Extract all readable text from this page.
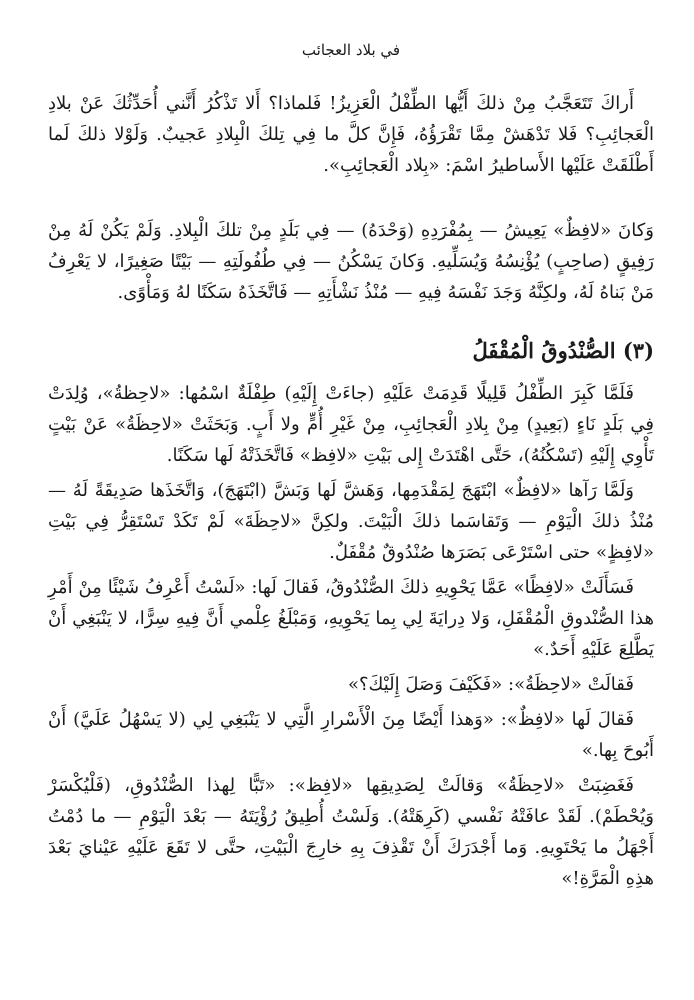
في بلاد العجائب

أَراكَ تَتَعَجَّبُ مِنْ ذلكَ أَيُّها الطِّفْلُ الْعَزِيزُ! فَلماذا؟ أَلا تَذْكُرُ أَنَّني أُحَدِّثُكَ عَنْ بلادِ الْعَجائِبِ؟ فَلا تَدْهَشْ مِمَّا تَقْرَؤُهُ، فَإِنَّ كلَّ ما فِي تِلكَ الْبِلادِ عَجيبٌ. وَلَوْلا ذلكَ لَما أَطْلَقَتْ عَلَيْها الأَساطيرُ اسْمَ: «بِلاد الْعَجائِبِ».

وَكانَ «لافِظٌ» يَعِيشُ — بِمُفْرَدِهِ (وَحْدَهُ) — فِي بَلَدٍ مِنْ تلكَ الْبِلادِ. وَلَمْ يَكُنْ لَهُ مِنْ رَفِيقٍ (صاحِبٍ) يُؤْنِسُهُ وَيُسَلِّيهِ. وَكانَ يَسْكُنُ — فِي طُفُولَتِهِ — بَيْتًا صَغِيرًا، لا يَعْرِفُ مَنْ بَناهُ لَهُ، ولكِنَّهُ وَجَدَ نَفْسَهُ فِيهِ — مُنْذُ نَشْأَتِهِ — فَاتَّخَذَهُ سَكَنًا لهُ وَمَأْوًى.

(٣) الصُّنْدُوقُ الْمُقْفَلُ

فَلَمَّا كَبِرَ الطِّفْلُ قَلِيلًا قَدِمَتْ عَلَيْهِ (جاءَتْ إِلَيْهِ) طِفْلَةٌ اسْمُها: «لاحِظةُ»، وُلِدَتْ فِي بَلَدٍ نَاءٍ (بَعِيدٍ) مِنْ بِلادِ الْعَجائِبِ، مِنْ غَيْرِ أُمٍّ ولا أَبٍ. وَبَحَثَتْ «لاحِظَةُ» عَنْ بَيْتٍ تَأْوِي إِلَيْهِ (تَسْكُنُهُ)، حَتَّى اهْتَدَتْ إِلى بَيْتِ «لافِظ» فَاتَّخَذَتْهُ لَها سَكَنًا.

وَلَمَّا رَآها «لافِظٌ» ابْتَهَجَ لِمَقْدَمِها، وَهَشَّ لَها وَبَشَّ (ابْتَهَجَ)، وَاتَّخَذَها صَدِيقَةً لَهُ — مُنْذُ ذلكَ الْيَوْمِ — وَتَقاسَما ذلكَ الْبَيْتَ. ولكِنَّ «لاحِظَةَ» لَمْ تَكَدْ تَسْتَقِرُّ فِي بَيْتِ «لافِظٍ» حتى اسْتَرْعَى بَصَرَها صُنْدُوقٌ مُقْفَلٌ.

فَسَأَلَتْ «لافِظًا» عَمَّا يَحْوِيهِ ذلكَ الصُّنْدُوقُ، فَقالَ لَها: «لَسْتُ أَعْرِفُ شَيْئًا مِنْ أَمْرِ هذا الصُّنْدوقِ الْمُقْفَلِ، وَلا دِرايَةَ لِي بِما يَحْوِيهِ، وَمَبْلَغُ عِلْمي أَنَّ فِيهِ سِرًّا، لا يَنْبَغِي أَنْ يَطَّلِعَ عَلَيْهِ أَحَدٌ.»

فَقالَتْ «لاحِظَةُ»: «فَكَيْفَ وَصَلَ إِلَيْكَ؟»

فَقالَ لَها «لافِظٌ»: «وَهذا أَيْضًا مِنَ الْأَسْرارِ الَّتِي لا يَنْبَغِي لِي (لا يَسْهُلُ عَلَيَّ) أَنْ أَبُوحَ بِها.»

فَغَضِبَتْ «لاحِظَةُ» وَقالَتْ لِصَدِيقِها «لافِظ»: «تَبًّا لِهذا الصُّنْدُوقِ، (فَلْيُكْسَرْ وَيُحْطَمْ). لَقَدْ عافَتْهُ نَفْسي (كَرِهَتْهُ). وَلَسْتُ أُطِيقُ رُؤْيَتَهُ — بَعْدَ الْيَوْمِ — ما دُمْتُ أَجْهَلُ ما يَحْتَوِيهِ. وَما أَجْدَرَكَ أَنْ تَقْذِفَ بِهِ خارِجَ الْبَيْتِ، حتَّى لا تَقَعَ عَلَيْهِ عَيْنايَ بَعْدَ هذِهِ الْمَرَّةِ!»
